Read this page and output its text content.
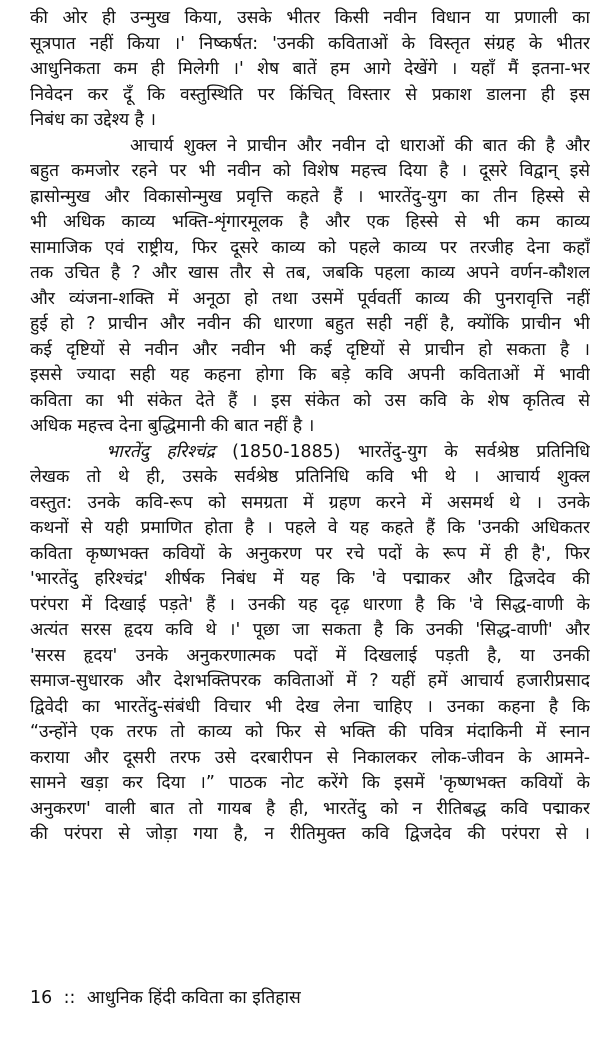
की ओर ही उन्मुख किया, उसके भीतर किसी नवीन विधान या प्रणाली का
सूत्रपात नहीं किया ।' निष्कर्षत: 'उनकी कविताओं के विस्तृत संग्रह के भीतर
आधुनिकता कम ही मिलेगी ।' शेष बातें हम आगे देखेंगे । यहाँ मैं इतना-भर
निवेदन कर दूँ कि वस्तुस्थिति पर किंचित् विस्तार से प्रकाश डालना ही इस
निबंध का उद्देश्य है ।
आचार्य शुक्ल ने प्राचीन और नवीन दो धाराओं की बात की है और
बहुत कमजोर रहने पर भी नवीन को विशेष महत्त्व दिया है । दूसरे विद्वान् इसे
ह्रासोन्मुख और विकासोन्मुख प्रवृत्ति कहते हैं । भारतेंदु-युग का तीन हिस्से से
भी अधिक काव्य भक्ति-शृंगारमूलक है और एक हिस्से से भी कम काव्य
सामाजिक एवं राष्ट्रीय, फिर दूसरे काव्य को पहले काव्य पर तरजीह देना कहाँ
तक उचित है ? और खास तौर से तब, जबकि पहला काव्य अपने वर्णन-कौशल
और व्यंजना-शक्ति में अनूठा हो तथा उसमें पूर्ववर्ती काव्य की पुनरावृत्ति नहीं
हुई हो ? प्राचीन और नवीन की धारणा बहुत सही नहीं है, क्योंकि प्राचीन भी
कई दृष्टियों से नवीन और नवीन भी कई दृष्टियों से प्राचीन हो सकता है ।
इससे ज्यादा सही यह कहना होगा कि बड़े कवि अपनी कविताओं में भावी
कविता का भी संकेत देते हैं । इस संकेत को उस कवि के शेष कृतित्व से
अधिक महत्त्व देना बुद्धिमानी की बात नहीं है ।
भारतेंदु हरिश्चंद्र (1850-1885) भारतेंदु-युग के सर्वश्रेष्ठ प्रतिनिधि
लेखक तो थे ही, उसके सर्वश्रेष्ठ प्रतिनिधि कवि भी थे । आचार्य शुक्ल
वस्तुत: उनके कवि-रूप को समग्रता में ग्रहण करने में असमर्थ थे । उनके
कथनों से यही प्रमाणित होता है । पहले वे यह कहते हैं कि 'उनकी अधिकतर
कविता कृष्णभक्त कवियों के अनुकरण पर रचे पदों के रूप में ही है', फिर
'भारतेंदु हरिश्चंद्र' शीर्षक निबंध में यह कि 'वे पद्माकर और द्विजदेव की
परंपरा में दिखाई पड़ते' हैं । उनकी यह दृढ़ धारणा है कि 'वे सिद्ध-वाणी के
अत्यंत सरस हृदय कवि थे ।' पूछा जा सकता है कि उनकी 'सिद्ध-वाणी' और
'सरस हृदय' उनके अनुकरणात्मक पदों में दिखलाई पड़ती है, या उनकी
समाज-सुधारक और देशभक्तिपरक कविताओं में ? यहीं हमें आचार्य हजारीप्रसाद
द्विवेदी का भारतेंदु-संबंधी विचार भी देख लेना चाहिए । उनका कहना है कि
“उन्होंने एक तरफ तो काव्य को फिर से भक्ति की पवित्र मंदाकिनी में स्नान
कराया और दूसरी तरफ उसे दरबारीपन से निकालकर लोक-जीवन के आमने-
सामने खड़ा कर दिया ।” पाठक नोट करेंगे कि इसमें 'कृष्णभक्त कवियों के
अनुकरण' वाली बात तो गायब है ही, भारतेंदु को न रीतिबद्ध कवि पद्माकर
की परंपरा से जोड़ा गया है, न रीतिमुक्त कवि द्विजदेव की परंपरा से ।
16 :: आधुनिक हिंदी कविता का इतिहास
